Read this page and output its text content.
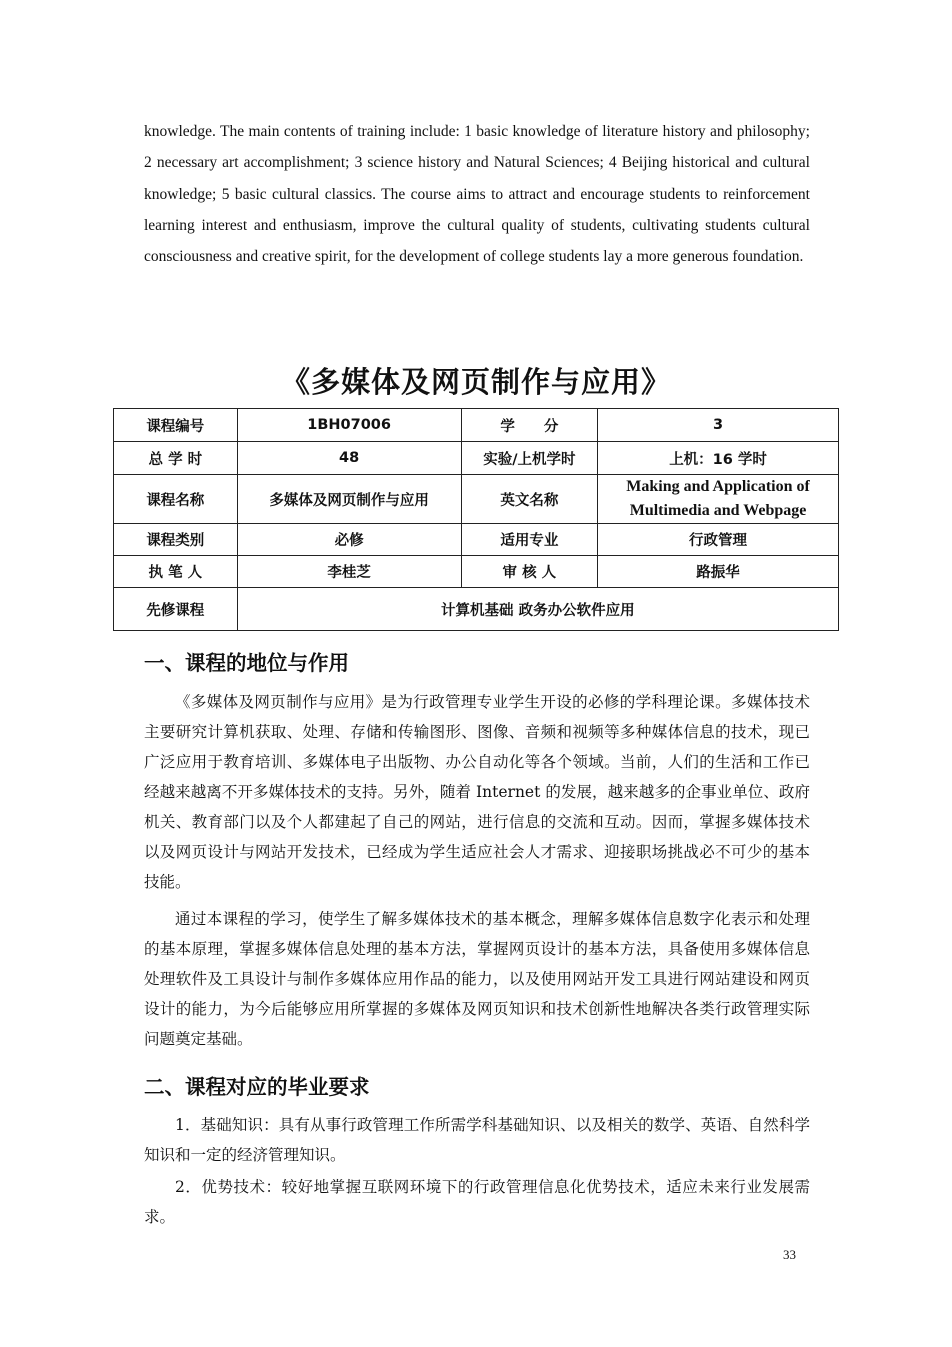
knowledge. The main contents of training include: 1 basic knowledge of literature history and philosophy; 2 necessary art accomplishment; 3 science history and Natural Sciences; 4 Beijing historical and cultural knowledge; 5 basic cultural classics. The course aims to attract and encourage students to reinforcement learning interest and enthusiasm, improve the cultural quality of students, cultivating students cultural consciousness and creative spirit, for the development of college students lay a more generous foundation.

《多媒体及网页制作与应用》
课程编号	1BH07006	学　　分	3
总 学 时	48	实验/上机学时	上机：16 学时
课程名称	多媒体及网页制作与应用	英文名称	Making and Application of Multimedia and Webpage
课程类别	必修	适用专业	行政管理
执 笔 人	李桂芝	审 核 人	路振华
先修课程	计算机基础 政务办公软件应用		
一、课程的地位与作用

《多媒体及网页制作与应用》是为行政管理专业学生开设的必修的学科理论课。多媒体技术主要研究计算机获取、处理、存储和传输图形、图像、音频和视频等多种媒体信息的技术，现已广泛应用于教育培训、多媒体电子出版物、办公自动化等各个领域。当前，人们的生活和工作已经越来越离不开多媒体技术的支持。另外，随着 Internet 的发展，越来越多的企事业单位、政府机关、教育部门以及个人都建起了自己的网站，进行信息的交流和互动。因而，掌握多媒体技术以及网页设计与网站开发技术，已经成为学生适应社会人才需求、迎接职场挑战必不可少的基本技能。

通过本课程的学习，使学生了解多媒体技术的基本概念，理解多媒体信息数字化表示和处理的基本原理，掌握多媒体信息处理的基本方法，掌握网页设计的基本方法，具备使用多媒体信息处理软件及工具设计与制作多媒体应用作品的能力，以及使用网站开发工具进行网站建设和网页设计的能力，为今后能够应用所掌握的多媒体及网页知识和技术创新性地解决各类行政管理实际问题奠定基础。

二、课程对应的毕业要求

1．基础知识：具有从事行政管理工作所需学科基础知识、以及相关的数学、英语、自然科学知识和一定的经济管理知识。

2．优势技术：较好地掌握互联网环境下的行政管理信息化优势技术，适应未来行业发展需求。

33
